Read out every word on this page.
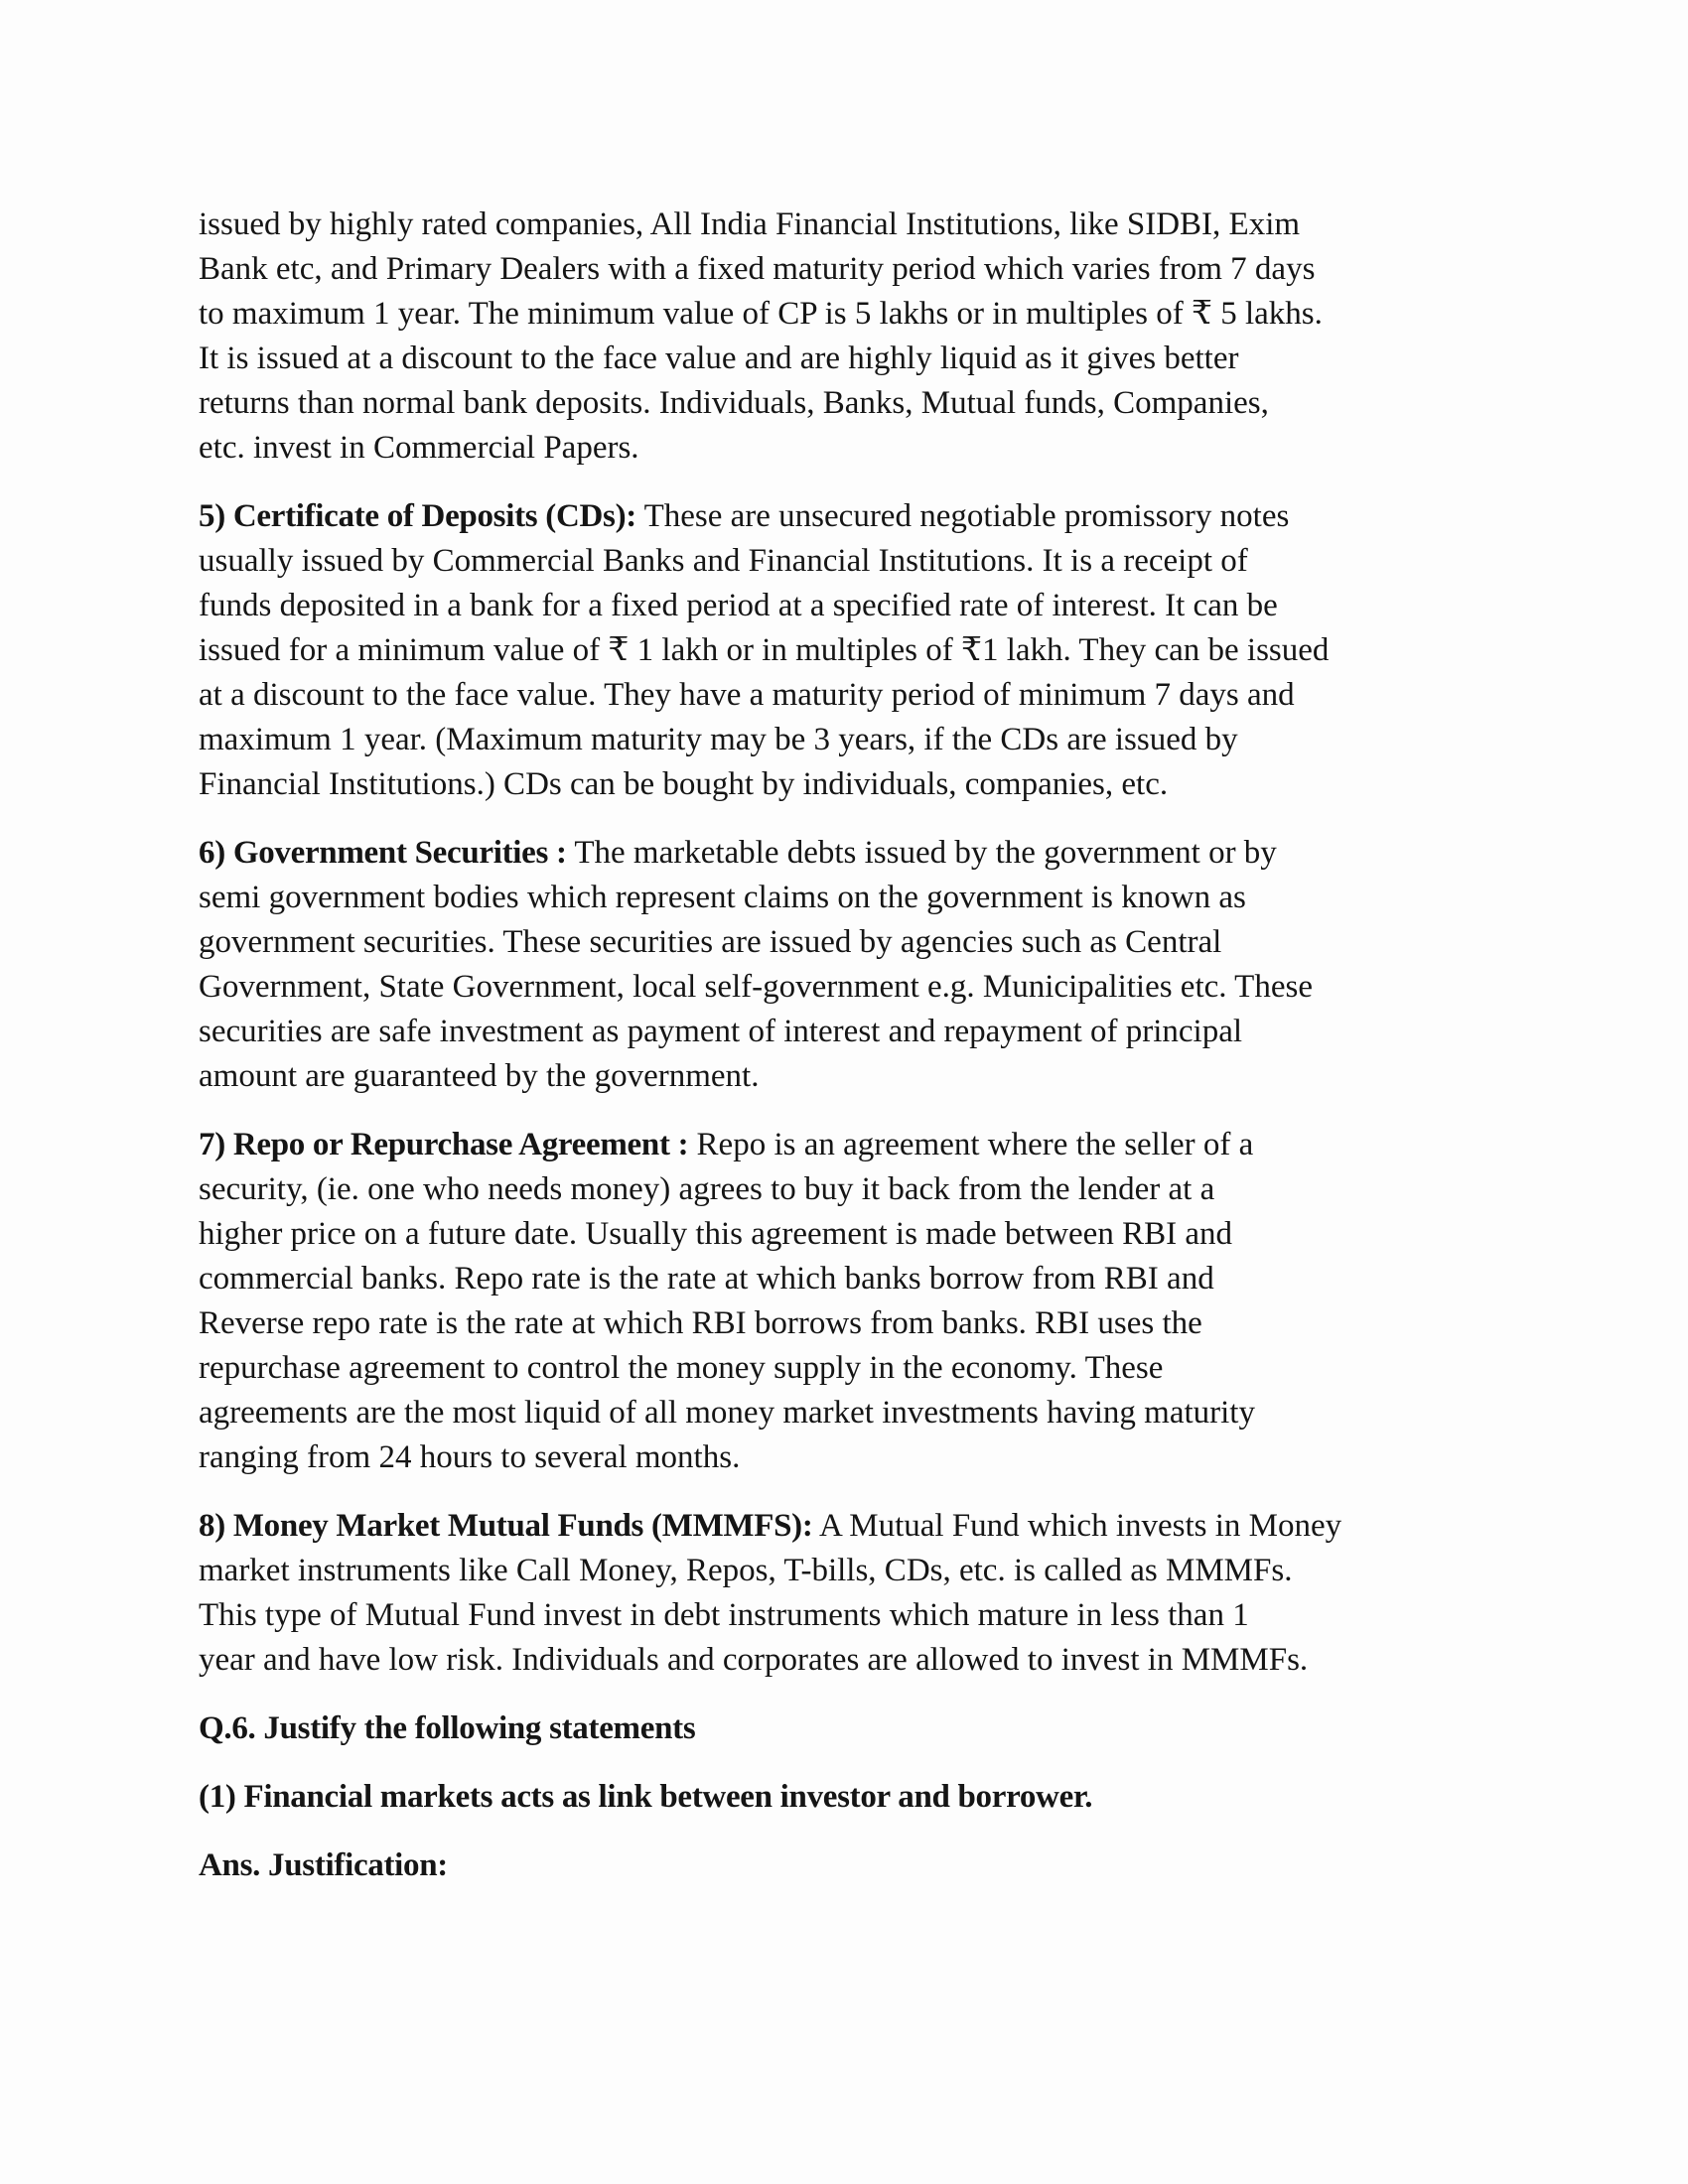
issued by highly rated companies, All India Financial Institutions, like SIDBI, Exim
Bank etc, and Primary Dealers with a fixed maturity period which varies from 7 days
to maximum 1 year. The minimum value of CP is 5 lakhs or in multiples of ₹ 5 lakhs.
It is issued at a discount to the face value and are highly liquid as it gives better
returns than normal bank deposits. Individuals, Banks, Mutual funds, Companies,
etc. invest in Commercial Papers.
5) Certificate of Deposits (CDs): These are unsecured negotiable promissory notes
usually issued by Commercial Banks and Financial Institutions. It is a receipt of
funds deposited in a bank for a fixed period at a specified rate of interest. It can be
issued for a minimum value of ₹ 1 lakh or in multiples of ₹1 lakh. They can be issued
at a discount to the face value. They have a maturity period of minimum 7 days and
maximum 1 year. (Maximum maturity may be 3 years, if the CDs are issued by
Financial Institutions.) CDs can be bought by individuals, companies, etc.
6) Government Securities : The marketable debts issued by the government or by
semi government bodies which represent claims on the government is known as
government securities. These securities are issued by agencies such as Central
Government, State Government, local self-government e.g. Municipalities etc. These
securities are safe investment as payment of interest and repayment of principal
amount are guaranteed by the government.
7) Repo or Repurchase Agreement : Repo is an agreement where the seller of a
security, (ie. one who needs money) agrees to buy it back from the lender at a
higher price on a future date. Usually this agreement is made between RBI and
commercial banks. Repo rate is the rate at which banks borrow from RBI and
Reverse repo rate is the rate at which RBI borrows from banks. RBI uses the
repurchase agreement to control the money supply in the economy. These
agreements are the most liquid of all money market investments having maturity
ranging from 24 hours to several months.
8) Money Market Mutual Funds (MMMFS): A Mutual Fund which invests in Money
market instruments like Call Money, Repos, T-bills, CDs, etc. is called as MMMFs.
This type of Mutual Fund invest in debt instruments which mature in less than 1
year and have low risk. Individuals and corporates are allowed to invest in MMMFs.
Q.6. Justify the following statements
(1) Financial markets acts as link between investor and borrower.
Ans. Justification:
